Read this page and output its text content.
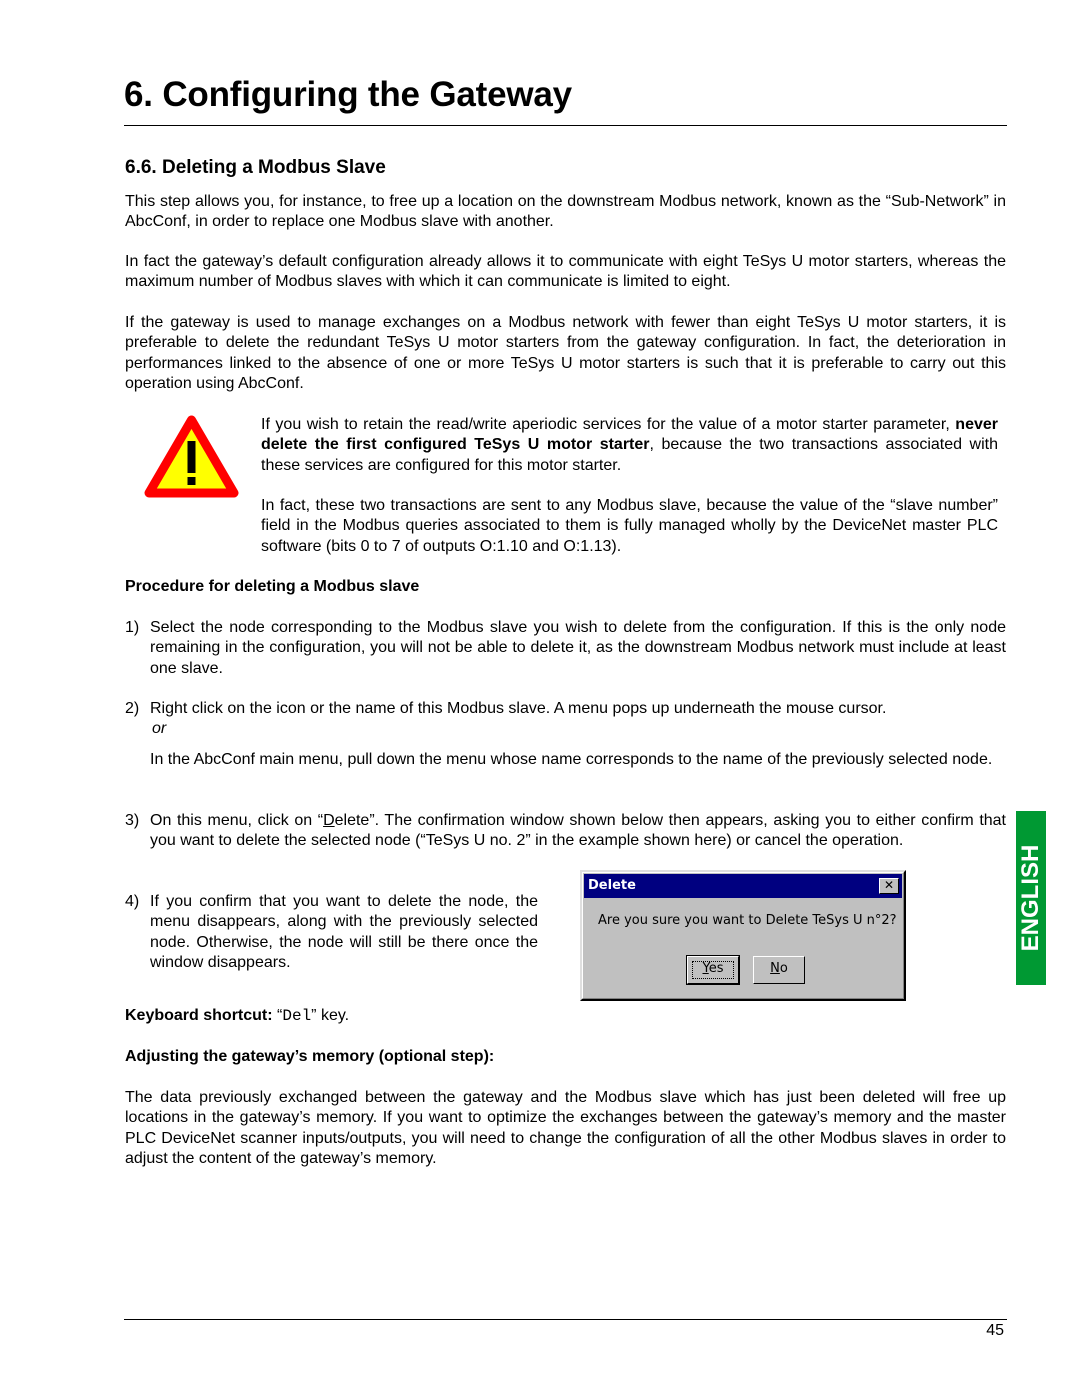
6. Configuring the Gateway
6.6. Deleting a Modbus Slave

This step allows you, for instance, to free up a location on the downstream Modbus network, known as the “Sub-Network” in AbcConf, in order to replace one Modbus slave with another.

In fact the gateway’s default configuration already allows it to communicate with eight TeSys U motor starters, whereas the maximum number of Modbus slaves with which it can communicate is limited to eight.

If the gateway is used to manage exchanges on a Modbus network with fewer than eight TeSys U motor starters, it is preferable to delete the redundant TeSys U motor starters from the gateway configuration. In fact, the deterioration in performances linked to the absence of one or more TeSys U motor starters is such that it is preferable to carry out this operation using AbcConf.

If you wish to retain the read/write aperiodic services for the value of a motor starter parameter, never delete the first configured TeSys U motor starter, because the two transactions associated with these services are configured for this motor starter.

In fact, these two transactions are sent to any Modbus slave, because the value of the “slave number” field in the Modbus queries associated to them is fully managed wholly by the DeviceNet master PLC software (bits 0 to 7 of outputs O:1.10 and O:1.13).

Procedure for deleting a Modbus slave
1) Select the node corresponding to the Modbus slave you wish to delete from the configuration. If this is the only node remaining in the configuration, you will not be able to delete it, as the downstream Modbus network must include at least one slave.

2) Right click on the icon or the name of this Modbus slave. A menu pops up underneath the mouse cursor.

or

In the AbcConf main menu, pull down the menu whose name corresponds to the name of the previously selected node.

3) On this menu, click on “Delete”. The confirmation window shown below then appears, asking you to either confirm that you want to delete the selected node (“TeSys U no. 2” in the example shown here) or cancel the operation.

4) If you confirm that you want to delete the node, the menu disappears, along with the previously selected node. Otherwise, the node will still be there once the window disappears.

Keyboard shortcut: “Del” key.
Adjusting the gateway’s memory (optional step):

The data previously exchanged between the gateway and the Modbus slave which has just been deleted will free up locations in the gateway’s memory. If you want to optimize the exchanges between the gateway’s memory and the master PLC DeviceNet scanner inputs/outputs, you will need to change the configuration of all the other Modbus slaves in order to adjust the content of the gateway’s memory.

Delete	✕
Are you sure you want to Delete TeSys U n°2?
Yes	No
ENGLISH
45
